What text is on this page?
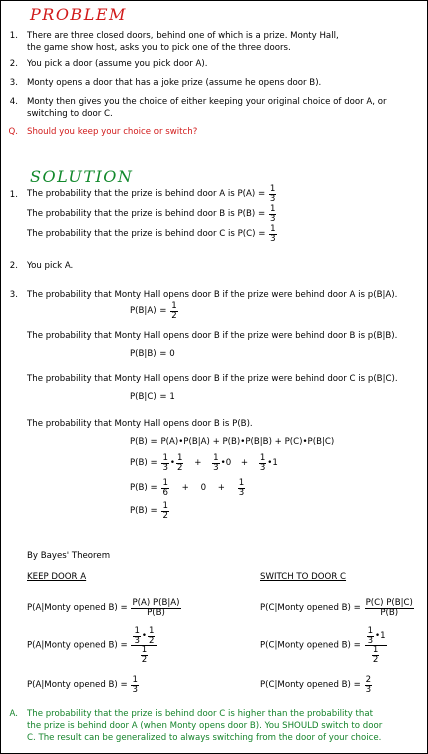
PROBLEM
1. There are three closed doors, behind one of which is a prize. Monty Hall,
the game show host, asks you to pick one of the three doors.
2. You pick a door (assume you pick door A).
3. Monty opens a door that has a joke prize (assume he opens door B).
4. Monty then gives you the choice of either keeping your original choice of door A, or
switching to door C.
Q. Should you keep your choice or switch?
SOLUTION
1. The probability that the prize is behind door A is $P(A) = \frac{1}{3}$
The probability that the prize is behind door B is $P(B) = \frac{1}{3}$
The probability that the prize is behind door C is $P(C) = \frac{1}{3}$
2. You pick A.
3. The probability that Monty Hall opens door B if the prize were behind door A is p(B|A).
$P(B|A) = \frac{1}{2}$
The probability that Monty Hall opens door B if the prize were behind door B is p(B|B).
P(B|B) = 0
The probability that Monty Hall opens door B if the prize were behind door C is p(B|C).
P(B|C) = 1
The probability that Monty Hall opens door B is P(B).
P(B) = P(A)•P(B|A) + P(B)•P(B|B) + P(C)•P(B|C)
$P(B) = \frac{1}{3}$ • $\frac{1}{2} + \frac{1}{3}$ •0 + $\frac{1}{3}$ •1
$P(B) = \frac{1}{6} + 0 + \frac{1}{3}$
$P(B) = \frac{1}{2}$
By Bayes' Theorem
KEEP DOOR A	SWITCH TO DOOR C
P(A|Monty opened $B) = \frac{P(A) P(B|A)}{P(B)}$
P(A|Monty opened $B) = \frac{\frac{1}{3} • \frac{1}{2}}{\frac{1}{2}}$
P(A|Monty opened $B) = \frac{1}{3}$
P(C|Monty opened $B) = \frac{P(C) P(B|C)}{P(B)}$
P(C|Monty opened $B) = \frac{\frac{1}{3} •1}{\frac{1}{2}}$
P(C|Monty opened $B) = \frac{2}{3}$
A. The probability that the prize is behind door C is higher than the probability that
the prize is behind door A (when Monty opens door B). You SHOULD switch to door
C. The result can be generalized to always switching from the door of your choice.
